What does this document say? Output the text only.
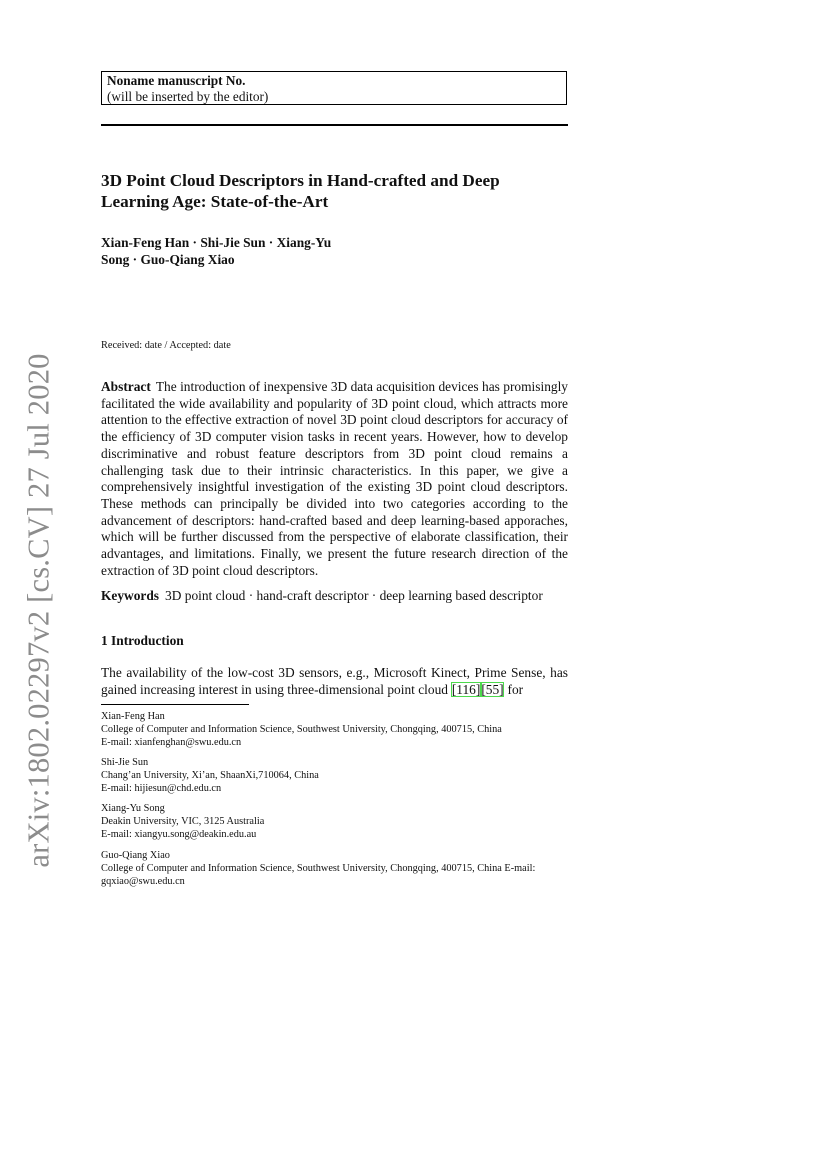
arXiv:1802.02297v2 [cs.CV] 27 Jul 2020
Noname manuscript No.
(will be inserted by the editor)
3D Point Cloud Descriptors in Hand-crafted and Deep
Learning Age: State-of-the-Art
Xian-Feng Han · Shi-Jie Sun · Xiang-Yu
Song · Guo-Qiang Xiao
Received: date / Accepted: date
Abstract The introduction of inexpensive 3D data acquisition devices has promisingly facilitated the wide availability and popularity of 3D point cloud, which attracts more attention to the effective extraction of novel 3D point cloud descriptors for accuracy of the efficiency of 3D computer vision tasks in recent years. However, how to develop discriminative and robust feature descriptors from 3D point cloud remains a challenging task due to their intrinsic characteristics. In this paper, we give a comprehensively insightful investigation of the existing 3D point cloud descriptors. These methods can principally be divided into two categories according to the advancement of descriptors: hand-crafted based and deep learning-based apporaches, which will be further discussed from the perspective of elaborate classification, their advantages, and limitations. Finally, we present the future research direction of the extraction of 3D point cloud descriptors.
Keywords 3D point cloud · hand-craft descriptor · deep learning based descriptor
1 Introduction
The availability of the low-cost 3D sensors, e.g., Microsoft Kinect, Prime Sense, has gained increasing interest in using three-dimensional point cloud [116][55] for
Xian-Feng Han
College of Computer and Information Science, Southwest University, Chongqing, 400715, China
E-mail: xianfenghan@swu.edu.cn
Shi-Jie Sun
Chang’an University, Xi’an, ShaanXi,710064, China
E-mail: hijiesun@chd.edu.cn
Xiang-Yu Song
Deakin University, VIC, 3125 Australia
E-mail: xiangyu.song@deakin.edu.au
Guo-Qiang Xiao
College of Computer and Information Science, Southwest University, Chongqing, 400715, China E-mail: gqxiao@swu.edu.cn
